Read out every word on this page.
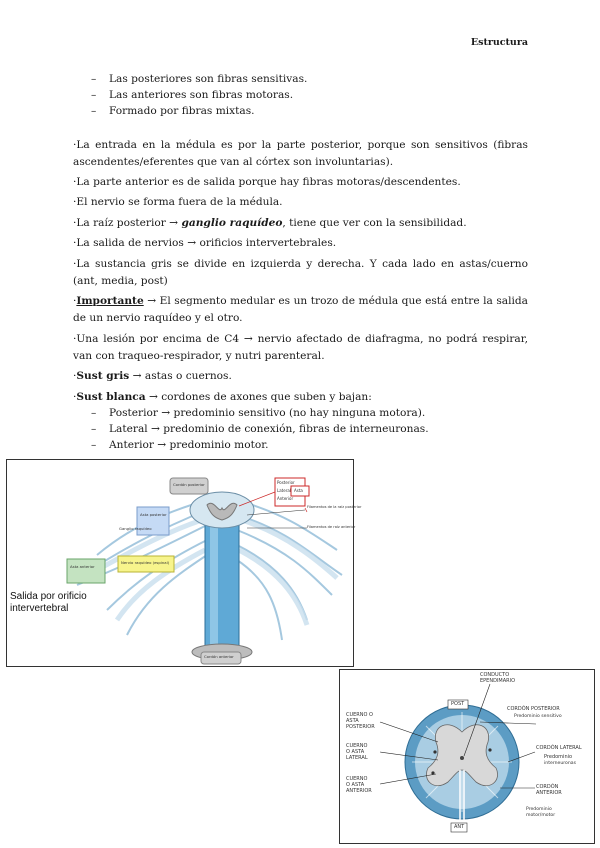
Estructura
– Las posteriores son fibras sensitivas.
– Las anteriores son fibras motoras.
– Formado por fibras mixtas.

·La entrada en la médula es por la parte posterior, porque son sensitivos (fibras ascendentes/eferentes que van al córtex son involuntarias).

·La parte anterior es de salida porque hay fibras motoras/descendentes.

·El nervio se forma fuera de la médula.

·La raíz posterior → ganglio raquídeo, tiene que ver con la sensibilidad.

·La salida de nervios → orificios intervertebrales.

·La sustancia gris se divide en izquierda y derecha. Y cada lado en astas/cuerno (ant, media, post)

·Importante → El segmento medular es un trozo de médula que está entre la salida de un nervio raquídeo y el otro.

·Una lesión por encima de C4 → nervio afectado de diafragma, no podrá respirar, van con traqueo-respirador, y nutri parenteral.

·Sust gris → astas o cuernos.

·Sust blanca → cordones de axones que suben y bajan:

– Posterior → predominio sensitivo (no hay ninguna motora).
– Lateral → predominio de conexión, fibras de interneuronas.
– Anterior → predominio motor.
Cordón posterior
Asta posterior
Ganglio raquídeo
Nervio raquídeo (espinal)
Asta anterior
Cordón anterior
Filamentos de la raíz posterior
Filamentos de raíz anterior
Posterior
Lateral
Anterior
Asta
Salida por orificio
intervertebral
CONDUCTO
EPENDIMARIO
POST
ANT
CORDÓN POSTERIOR
Predominio sensitivo
CUERNO O
ASTA
POSTERIOR
CUERNO
O ASTA
LATERAL
CUERNO
O ASTA
ANTERIOR
CORDÓN LATERAL
Predominio
interneuronas
CORDÓN
ANTERIOR
Predominio
motor/motor
